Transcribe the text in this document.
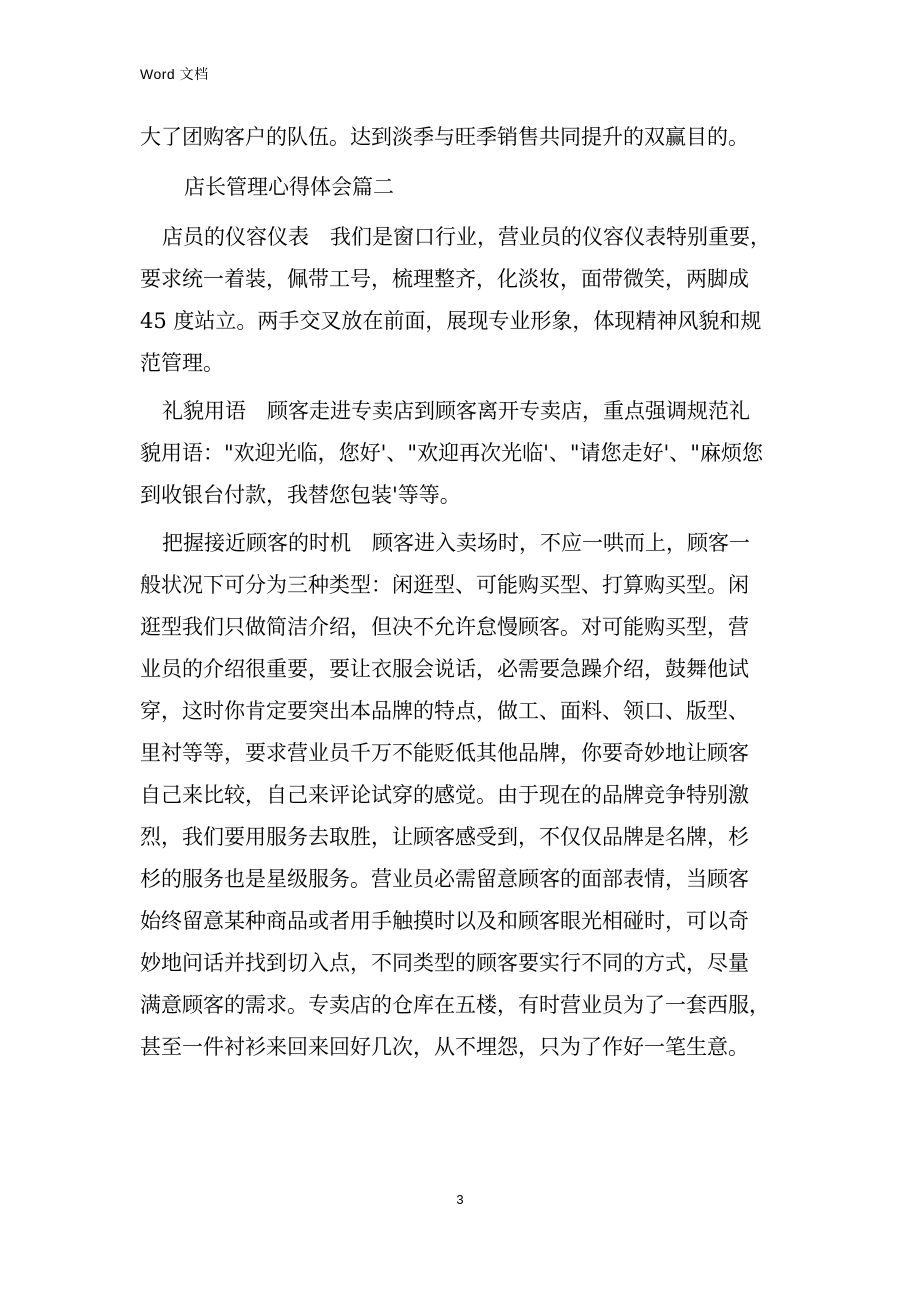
Word 文档
大了团购客户的队伍。达到淡季与旺季销售共同提升的双赢目的。
店长管理心得体会篇二
店员的仪容仪表　我们是窗口行业，营业员的仪容仪表特别重要，
要求统一着装，佩带工号，梳理整齐，化淡妆，面带微笑，两脚成
45 度站立。两手交叉放在前面，展现专业形象，体现精神风貌和规
范管理。
礼貌用语　顾客走进专卖店到顾客离开专卖店，重点强调规范礼
貌用语："欢迎光临，您好'、"欢迎再次光临'、"请您走好'、"麻烦您
到收银台付款，我替您包装'等等。
把握接近顾客的时机　顾客进入卖场时，不应一哄而上，顾客一
般状况下可分为三种类型：闲逛型、可能购买型、打算购买型。闲
逛型我们只做简洁介绍，但决不允许怠慢顾客。对可能购买型，营
业员的介绍很重要，要让衣服会说话，必需要急躁介绍，鼓舞他试
穿，这时你肯定要突出本品牌的特点，做工、面料、领口、版型、
里衬等等，要求营业员千万不能贬低其他品牌，你要奇妙地让顾客
自己来比较，自己来评论试穿的感觉。由于现在的品牌竞争特别激
烈，我们要用服务去取胜，让顾客感受到，不仅仅品牌是名牌，杉
杉的服务也是星级服务。营业员必需留意顾客的面部表情，当顾客
始终留意某种商品或者用手触摸时以及和顾客眼光相碰时，可以奇
妙地问话并找到切入点，不同类型的顾客要实行不同的方式，尽量
满意顾客的需求。专卖店的仓库在五楼，有时营业员为了一套西服，
甚至一件衬衫来回来回好几次，从不埋怨，只为了作好一笔生意。
3
